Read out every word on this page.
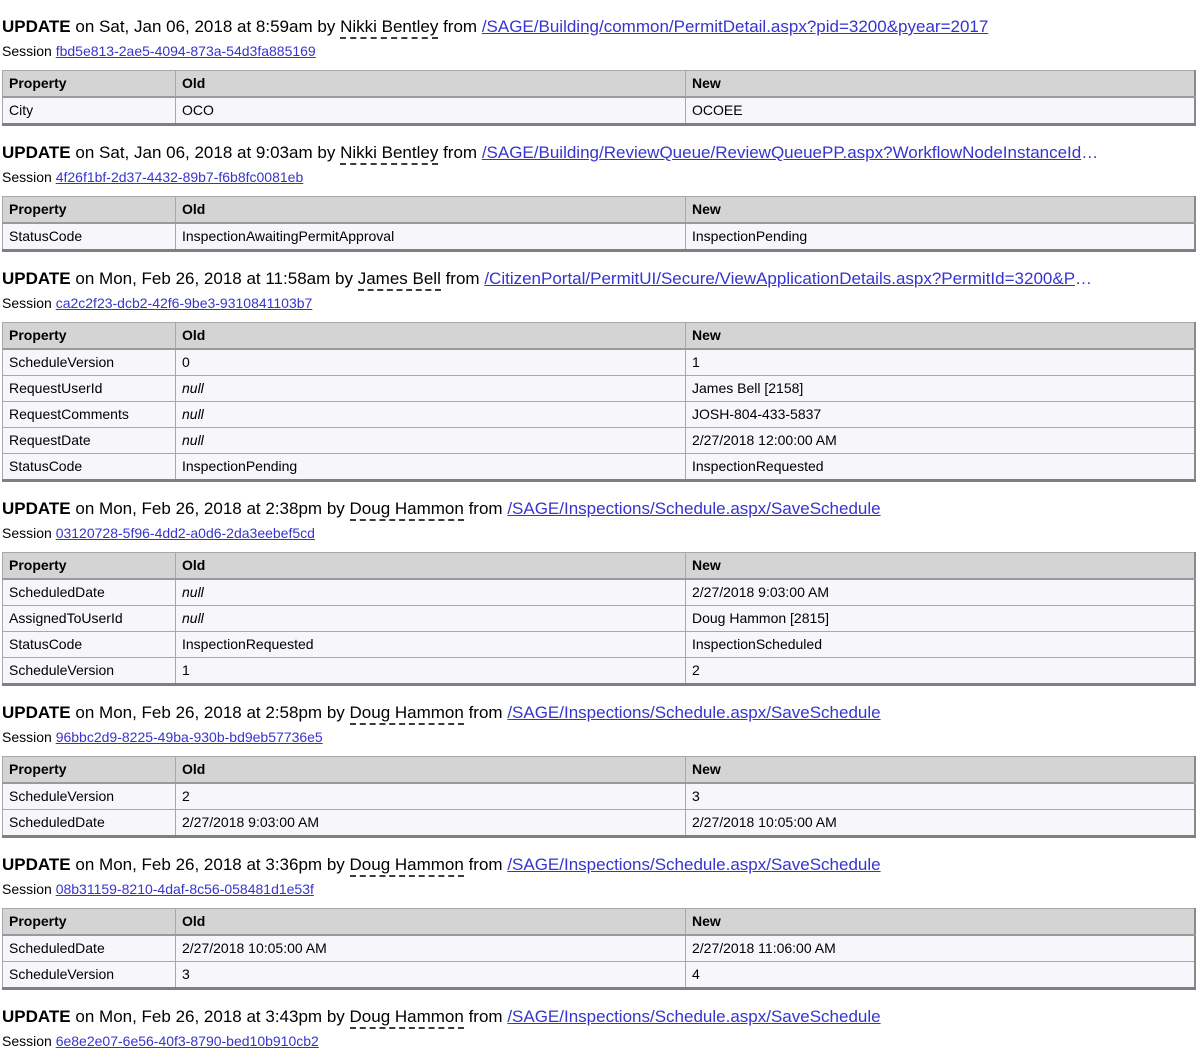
UPDATE on Sat, Jan 06, 2018 at 8:59am by Nikki Bentley from /SAGE/Building/common/PermitDetail.aspx?pid=3200&pyear=2017

Session fbd5e813-2ae5-4094-873a-54d3fa885169

Property	Old	New
City	OCO	OCOEE

UPDATE on Sat, Jan 06, 2018 at 9:03am by Nikki Bentley from /SAGE/Building/ReviewQueue/ReviewQueuePP.aspx?WorkflowNodeInstanceId…

Session 4f26f1bf-2d37-4432-89b7-f6b8fc0081eb

Property	Old	New
StatusCode	InspectionAwaitingPermitApproval	InspectionPending

UPDATE on Mon, Feb 26, 2018 at 11:58am by James Bell from /CitizenPortal/PermitUI/Secure/ViewApplicationDetails.aspx?PermitId=3200&P…

Session ca2c2f23-dcb2-42f6-9be3-9310841103b7

Property	Old	New
ScheduleVersion	0	1
RequestUserId	null	James Bell [2158]
RequestComments	null	JOSH-804-433-5837
RequestDate	null	2/27/2018 12:00:00 AM
StatusCode	InspectionPending	InspectionRequested

UPDATE on Mon, Feb 26, 2018 at 2:38pm by Doug Hammon from /SAGE/Inspections/Schedule.aspx/SaveSchedule

Session 03120728-5f96-4dd2-a0d6-2da3eebef5cd

Property	Old	New
ScheduledDate	null	2/27/2018 9:03:00 AM
AssignedToUserId	null	Doug Hammon [2815]
StatusCode	InspectionRequested	InspectionScheduled
ScheduleVersion	1	2

UPDATE on Mon, Feb 26, 2018 at 2:58pm by Doug Hammon from /SAGE/Inspections/Schedule.aspx/SaveSchedule

Session 96bbc2d9-8225-49ba-930b-bd9eb57736e5

Property	Old	New
ScheduleVersion	2	3
ScheduledDate	2/27/2018 9:03:00 AM	2/27/2018 10:05:00 AM

UPDATE on Mon, Feb 26, 2018 at 3:36pm by Doug Hammon from /SAGE/Inspections/Schedule.aspx/SaveSchedule

Session 08b31159-8210-4daf-8c56-058481d1e53f

Property	Old	New
ScheduledDate	2/27/2018 10:05:00 AM	2/27/2018 11:06:00 AM
ScheduleVersion	3	4

UPDATE on Mon, Feb 26, 2018 at 3:43pm by Doug Hammon from /SAGE/Inspections/Schedule.aspx/SaveSchedule

Session 6e8e2e07-6e56-40f3-8790-bed10b910cb2
